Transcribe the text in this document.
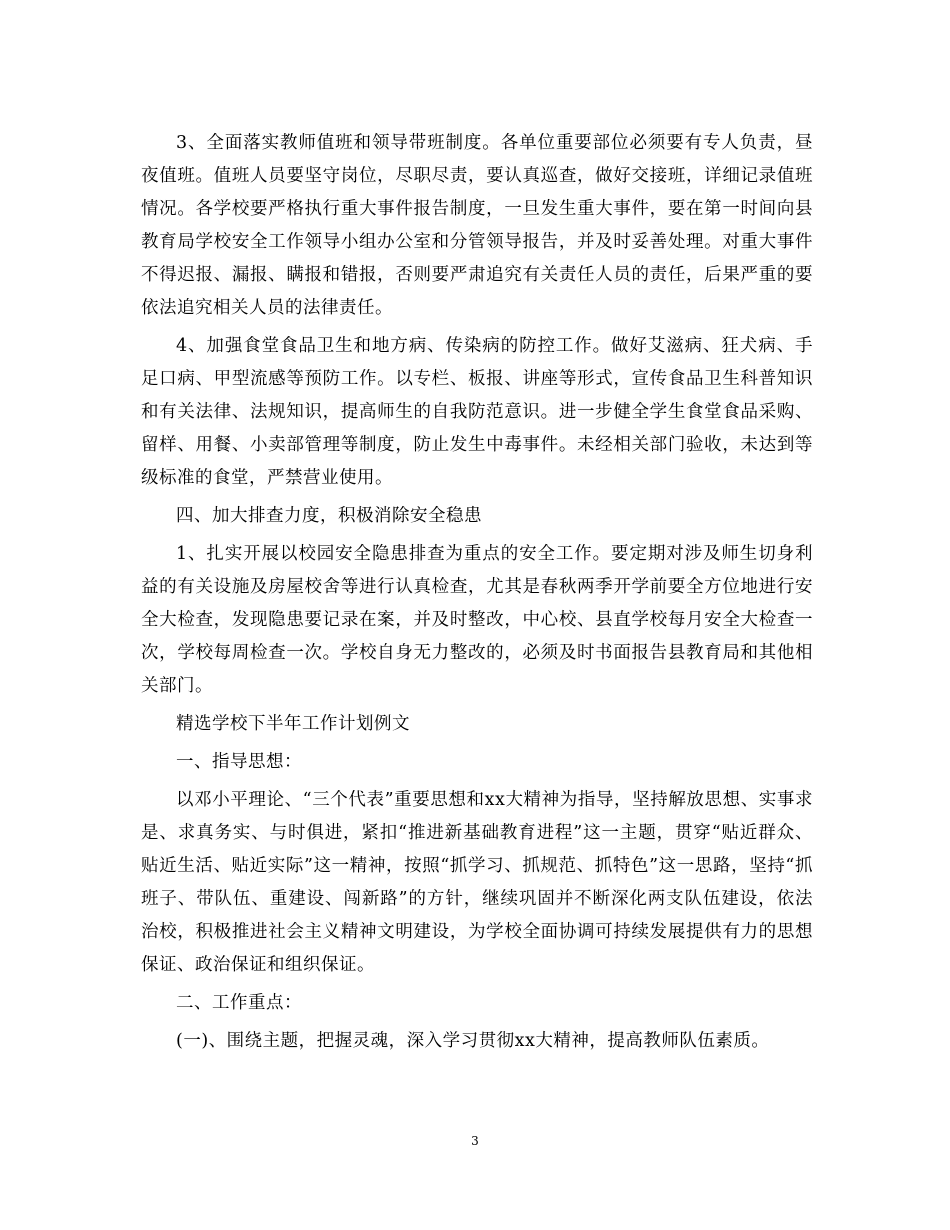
3、全面落实教师值班和领导带班制度。各单位重要部位必须要有专人负责，昼夜值班。值班人员要坚守岗位，尽职尽责，要认真巡查，做好交接班，详细记录值班情况。各学校要严格执行重大事件报告制度，一旦发生重大事件，要在第一时间向县教育局学校安全工作领导小组办公室和分管领导报告，并及时妥善处理。对重大事件不得迟报、漏报、瞒报和错报，否则要严肃追究有关责任人员的责任，后果严重的要依法追究相关人员的法律责任。

4、加强食堂食品卫生和地方病、传染病的防控工作。做好艾滋病、狂犬病、手足口病、甲型流感等预防工作。以专栏、板报、讲座等形式，宣传食品卫生科普知识和有关法律、法规知识，提高师生的自我防范意识。进一步健全学生食堂食品采购、留样、用餐、小卖部管理等制度，防止发生中毒事件。未经相关部门验收，未达到等级标准的食堂，严禁营业使用。

四、加大排查力度，积极消除安全稳患

1、扎实开展以校园安全隐患排查为重点的安全工作。要定期对涉及师生切身利益的有关设施及房屋校舍等进行认真检查，尤其是春秋两季开学前要全方位地进行安全大检查，发现隐患要记录在案，并及时整改，中心校、县直学校每月安全大检查一次，学校每周检查一次。学校自身无力整改的，必须及时书面报告县教育局和其他相关部门。

精选学校下半年工作计划例文

一、指导思想：

以邓小平理论、“三个代表”重要思想和xx大精神为指导，坚持解放思想、实事求是、求真务实、与时俱进，紧扣“推进新基础教育进程”这一主题，贯穿“贴近群众、贴近生活、贴近实际”这一精神，按照“抓学习、抓规范、抓特色”这一思路，坚持“抓班子、带队伍、重建设、闯新路”的方针，继续巩固并不断深化两支队伍建设，依法治校，积极推进社会主义精神文明建设，为学校全面协调可持续发展提供有力的思想保证、政治保证和组织保证。

二、工作重点：

(一)、围绕主题，把握灵魂，深入学习贯彻xx大精神，提高教师队伍素质。

3
